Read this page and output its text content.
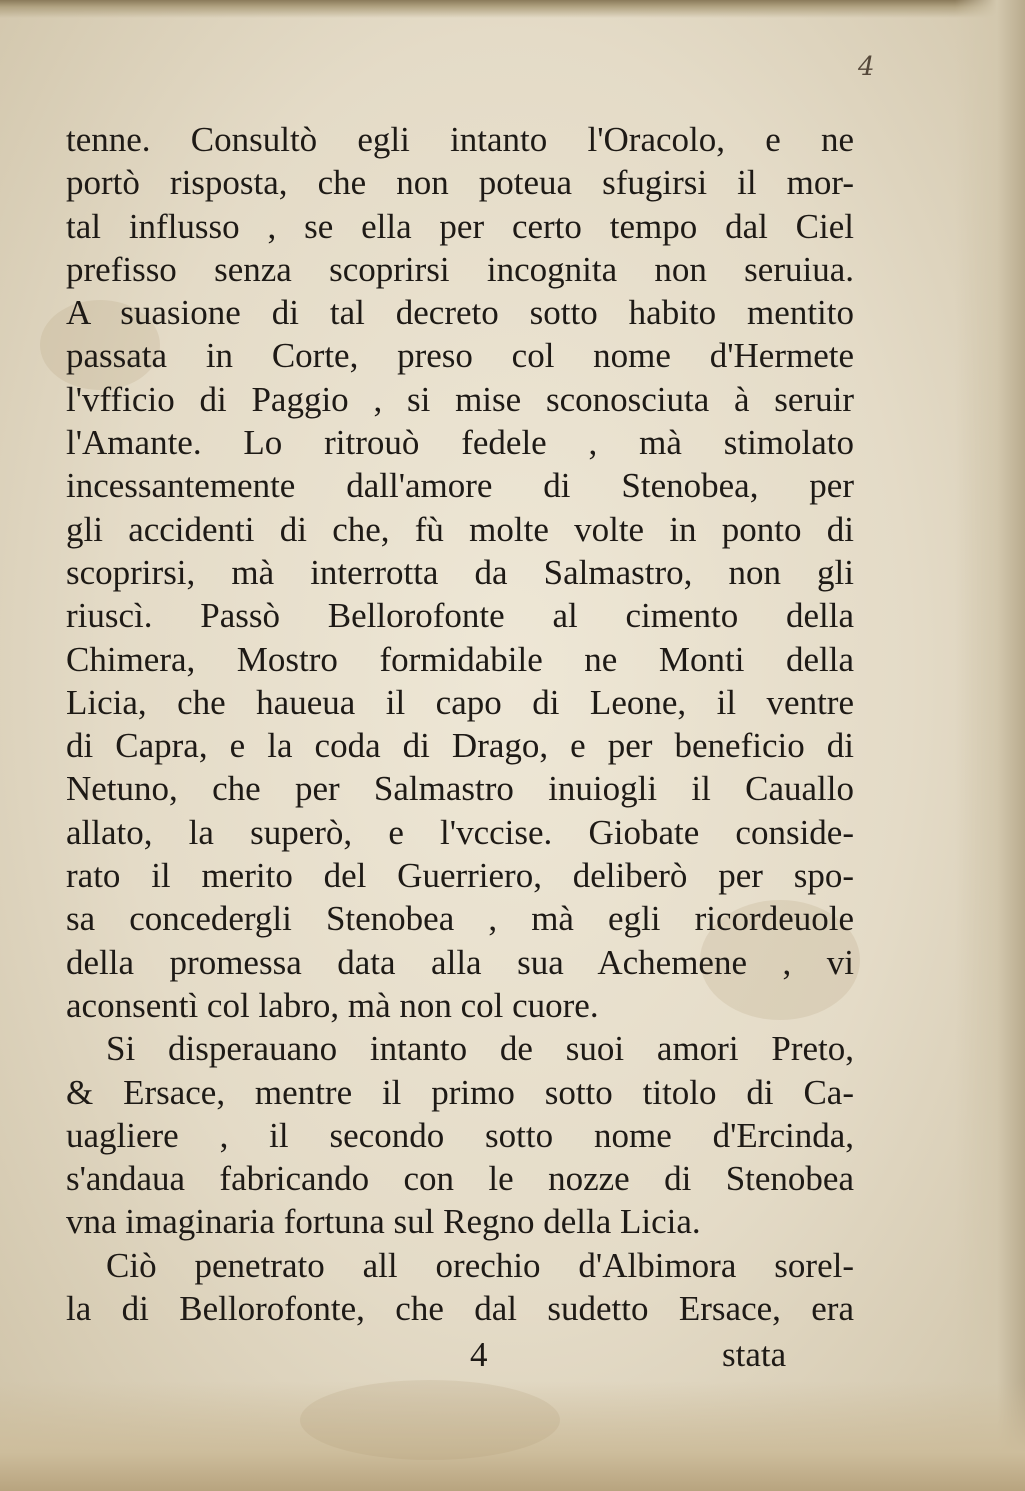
4
tenne. Consultò egli intanto l'Oracolo, e ne
portò risposta, che non poteua sfugirsi il mor-
tal influsso , se ella per certo tempo dal Ciel
prefisso senza scoprirsi incognita non seruiua.
A suasione di tal decreto sotto habito mentito
passata in Corte, preso col nome d'Hermete
l'vfficio di Paggio , si mise sconosciuta à seruir
l'Amante. Lo ritrouò fedele , mà stimolato
incessantemente dall'amore di Stenobea, per
gli accidenti di che, fù molte volte in ponto di
scoprirsi, mà interrotta da Salmastro, non gli
riuscì. Passò Bellorofonte al cimento della
Chimera, Mostro formidabile ne Monti della
Licia, che haueua il capo di Leone, il ventre
di Capra, e la coda di Drago, e per beneficio di
Netuno, che per Salmastro inuiogli il Cauallo
allato, la superò, e l'vccise. Giobate conside-
rato il merito del Guerriero, deliberò per spo-
sa concedergli Stenobea , mà egli ricordeuole
della promessa data alla sua Achemene , vi
aconsentì col labro, mà non col cuore.
Si disperauano intanto de suoi amori Preto,
& Ersace, mentre il primo sotto titolo di Ca-
uagliere , il secondo sotto nome d'Ercinda,
s'andaua fabricando con le nozze di Stenobea
vna imaginaria fortuna sul Regno della Licia.
Ciò penetrato all orechio d'Albimora sorel-
la di Bellorofonte, che dal sudetto Ersace, era
4	stata
